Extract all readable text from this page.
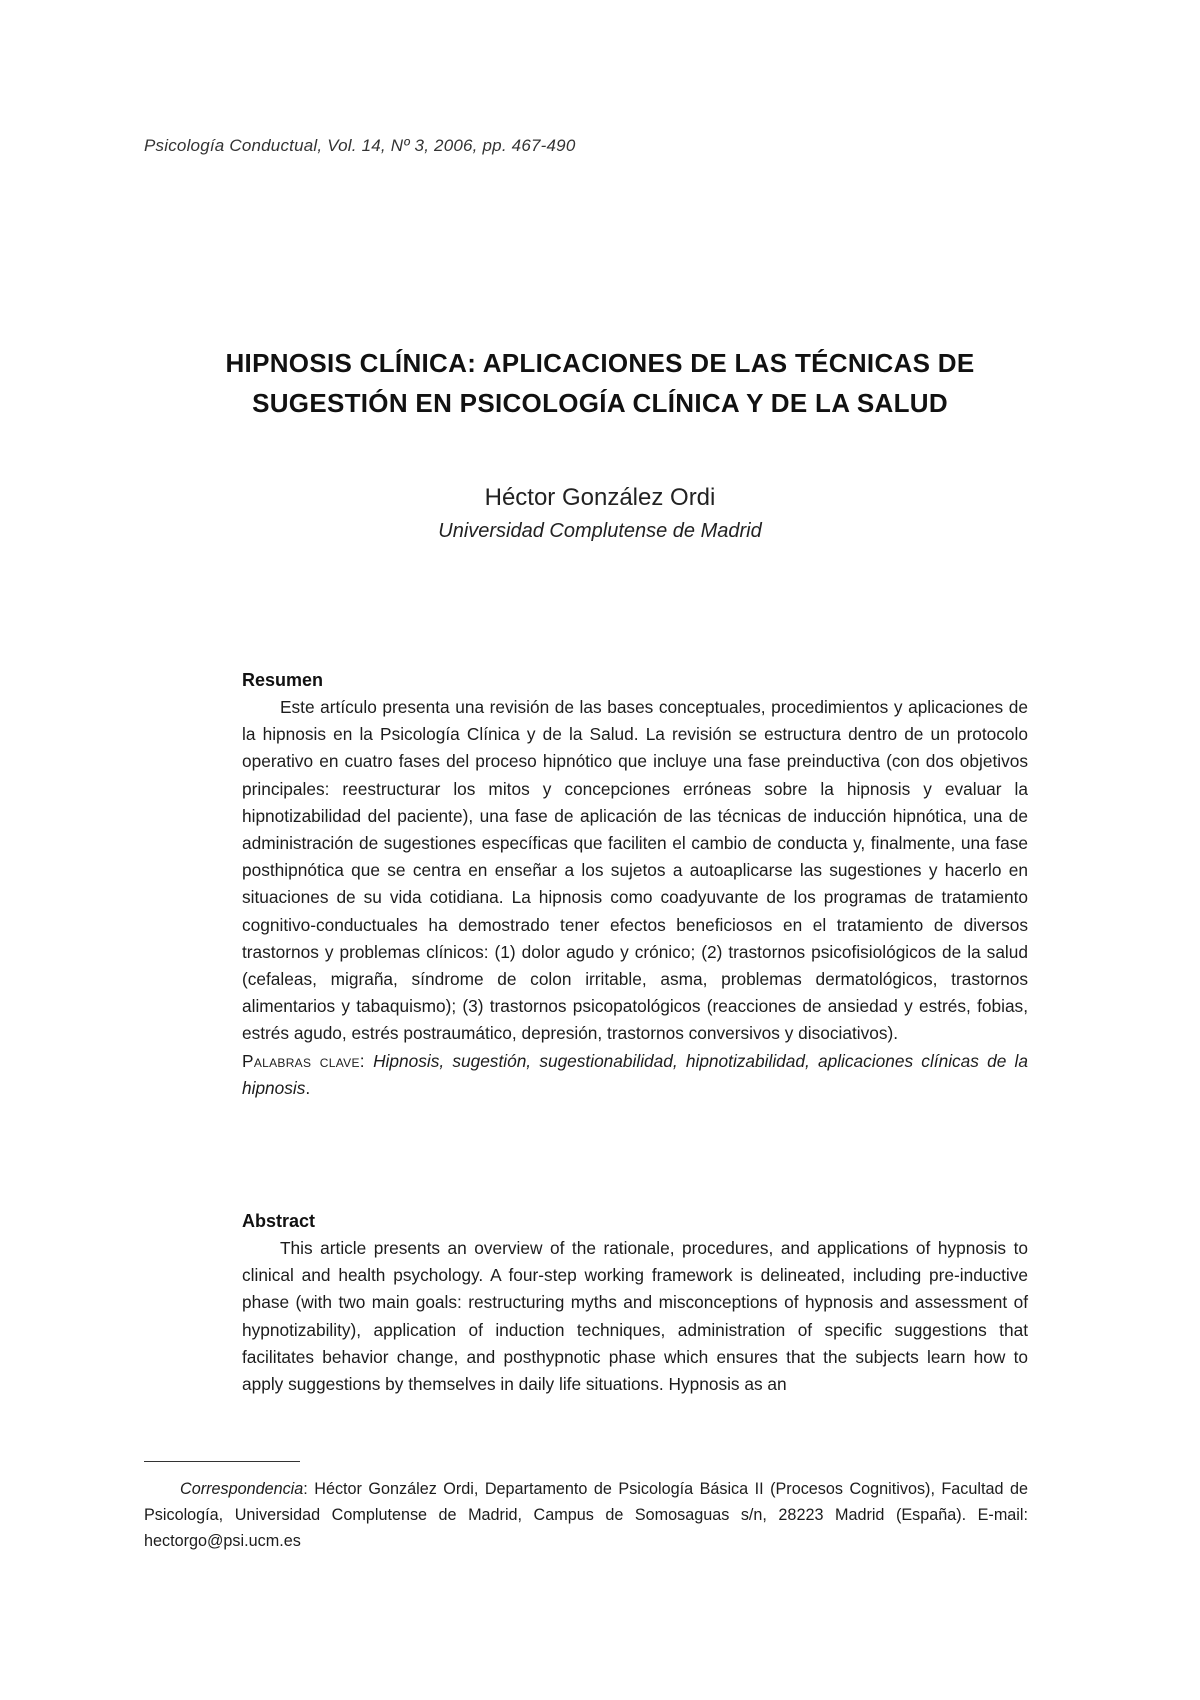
Psicología Conductual, Vol. 14, Nº 3, 2006, pp. 467-490
HIPNOSIS CLÍNICA: APLICACIONES DE LAS TÉCNICAS DE
SUGESTIÓN EN PSICOLOGÍA CLÍNICA Y DE LA SALUD
Héctor González Ordi
Universidad Complutense de Madrid
Resumen

Este artículo presenta una revisión de las bases conceptuales, procedimientos y aplicaciones de la hipnosis en la Psicología Clínica y de la Salud. La revisión se estructura dentro de un protocolo operativo en cuatro fases del proceso hipnótico que incluye una fase preinductiva (con dos objetivos principales: reestructurar los mitos y concepciones erróneas sobre la hipnosis y evaluar la hipnotizabilidad del paciente), una fase de aplicación de las técnicas de inducción hipnótica, una de administración de sugestiones específicas que faciliten el cambio de conducta y, finalmente, una fase posthipnótica que se centra en enseñar a los sujetos a autoaplicarse las sugestiones y hacerlo en situaciones de su vida cotidiana. La hipnosis como coadyuvante de los programas de tratamiento cognitivo-conductuales ha demostrado tener efectos beneficiosos en el tratamiento de diversos trastornos y problemas clínicos: (1) dolor agudo y crónico; (2) trastornos psicofisiológicos de la salud (cefaleas, migraña, síndrome de colon irritable, asma, problemas dermatológicos, trastornos alimentarios y tabaquismo); (3) trastornos psicopatológicos (reacciones de ansiedad y estrés, fobias, estrés agudo, estrés postraumático, depresión, trastornos conversivos y disociativos).

Palabras clave: Hipnosis, sugestión, sugestionabilidad, hipnotizabilidad, aplicaciones clínicas de la hipnosis.
Abstract

This article presents an overview of the rationale, procedures, and applications of hypnosis to clinical and health psychology. A four-step working framework is delineated, including pre-inductive phase (with two main goals: restructuring myths and misconceptions of hypnosis and assessment of hypnotizability), application of induction techniques, administration of specific suggestions that facilitates behavior change, and posthypnotic phase which ensures that the subjects learn how to apply suggestions by themselves in daily life situations. Hypnosis as an

Correspondencia: Héctor González Ordi, Departamento de Psicología Básica II (Procesos Cognitivos), Facultad de Psicología, Universidad Complutense de Madrid, Campus de Somosaguas s/n, 28223 Madrid (España). E-mail: hectorgo@psi.ucm.es
